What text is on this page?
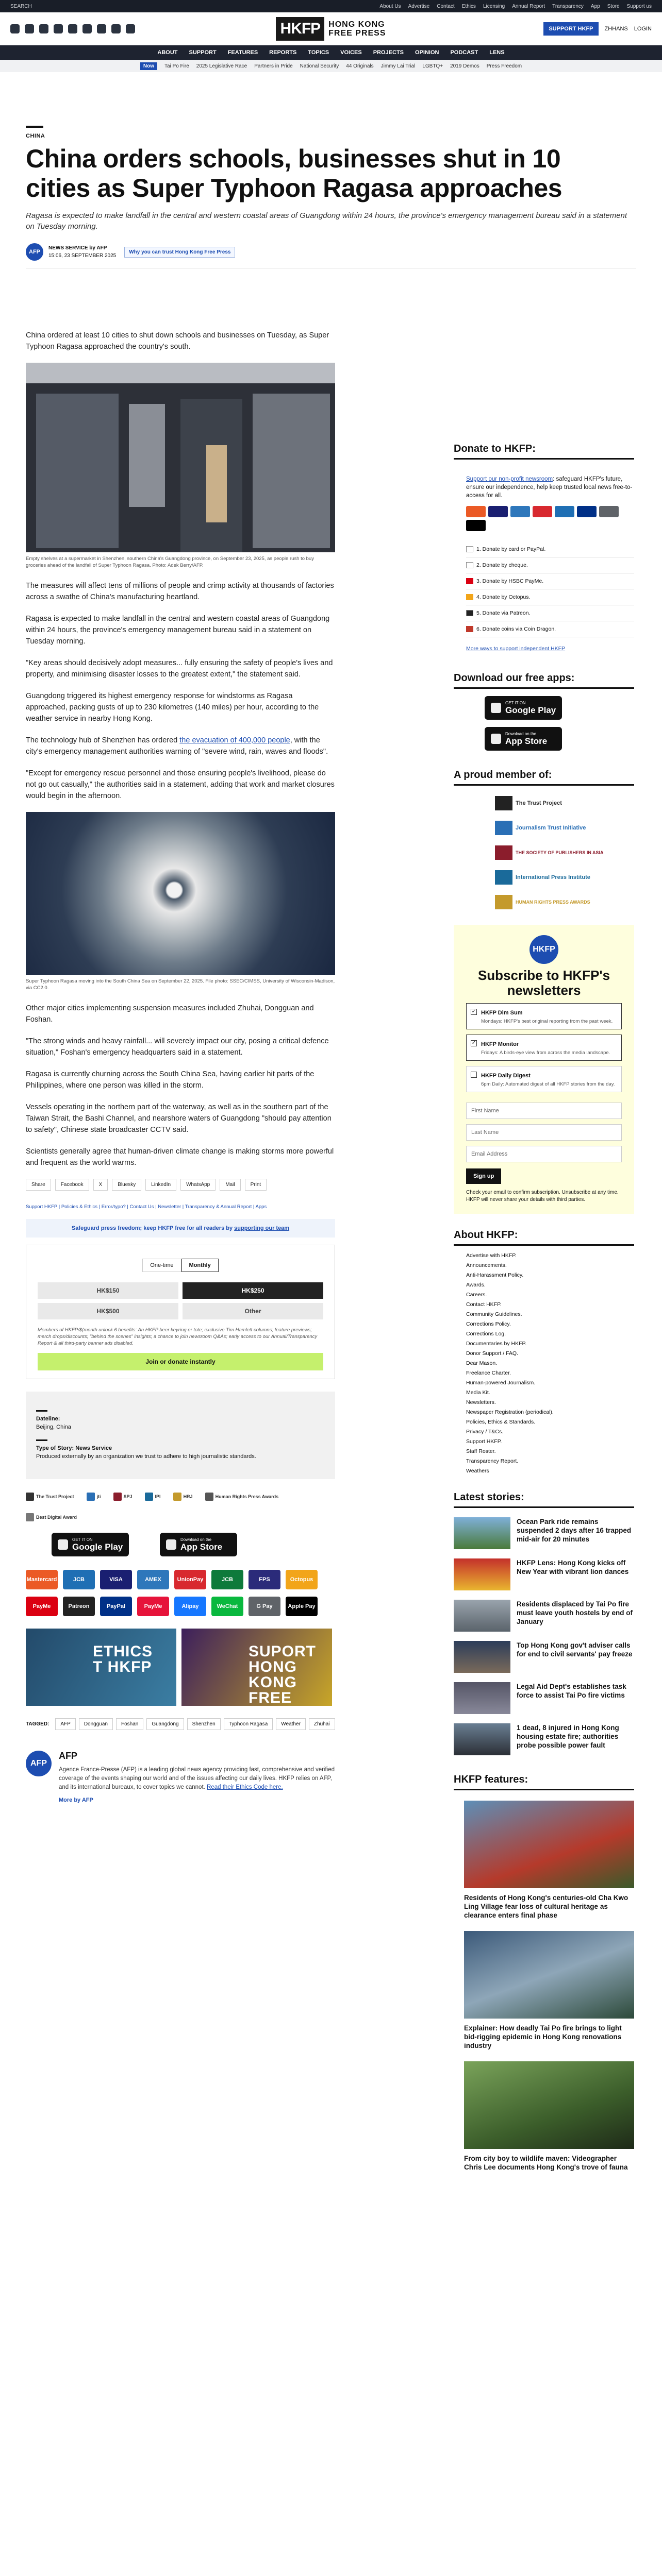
SEARCH	About Us Advertise Contact Ethics Licensing Annual Report Transparency App Store Support us
HKFP	HONG KONG
FREE PRESS	SUPPORT HKFP	ZHHANS LOGIN
ABOUT SUPPORT FEATURES REPORTS TOPICS VOICES PROJECTS OPINION PODCAST LENS
Now	Tai Po Fire 2025 Legislative Race Partners in Pride National Security 44 Originals Jimmy Lai Trial LGBTQ+ 2019 Demos Press Freedom
CHINA
China orders schools, businesses shut in 10 cities as Super Typhoon Ragasa approaches
Ragasa is expected to make landfall in the central and western coastal areas of Guangdong within 24 hours, the province's emergency management bureau said in a statement on Tuesday morning.
AFP
NEWS SERVICE by AFP
15:06, 23 SEPTEMBER 2025
Why you can trust Hong Kong Free Press

China ordered at least 10 cities to shut down schools and businesses on Tuesday, as Super Typhoon Ragasa approached the country's south.

Empty shelves at a supermarket in Shenzhen, southern China's Guangdong province, on September 23, 2025, as people rush to buy groceries ahead of the landfall of Super Typhoon Ragasa. Photo: Adek Berry/AFP.

The measures will affect tens of millions of people and crimp activity at thousands of factories across a swathe of China's manufacturing heartland.

Ragasa is expected to make landfall in the central and western coastal areas of Guangdong within 24 hours, the province's emergency management bureau said in a statement on Tuesday morning.

"Key areas should decisively adopt measures... fully ensuring the safety of people's lives and property, and minimising disaster losses to the greatest extent," the statement said.

Guangdong triggered its highest emergency response for windstorms as Ragasa approached, packing gusts of up to 230 kilometres (140 miles) per hour, according to the weather service in nearby Hong Kong.

The technology hub of Shenzhen has ordered the evacuation of 400,000 people, with the city's emergency management authorities warning of "severe wind, rain, waves and floods".

"Except for emergency rescue personnel and those ensuring people's livelihood, please do not go out casually," the authorities said in a statement, adding that work and market closures would begin in the afternoon.

Super Typhoon Ragasa moving into the South China Sea on September 22, 2025. File photo: SSEC/CIMSS, University of Wisconsin-Madison, via CC2.0.

Other major cities implementing suspension measures included Zhuhai, Dongguan and Foshan.

"The strong winds and heavy rainfall... will severely impact our city, posing a critical defence situation," Foshan's emergency headquarters said in a statement.

Ragasa is currently churning across the South China Sea, having earlier hit parts of the Philippines, where one person was killed in the storm.

Vessels operating in the northern part of the waterway, as well as in the southern part of the Taiwan Strait, the Bashi Channel, and nearshore waters of Guangdong "should pay attention to safety", Chinese state broadcaster CCTV said.

Scientists generally agree that human-driven climate change is making storms more powerful and frequent as the world warms.

Share	Facebook	X	Bluesky	LinkedIn	WhatsApp	Mail	Print
Support HKFP | Policies & Ethics | Error/typo? | Contact Us | Newsletter | Transparency & Annual Report | Apps
Safeguard press freedom; keep HKFP free for all readers by supporting our team
One-time	Monthly
HK$150	HK$250
HK$500	Other
Members of HKFP/$(month unlock 6 benefits: An HKFP beer keyring or tote; exclusive Tim Hamlett columns; feature previews; merch drops/discounts; "behind the scenes" insights; a chance to join newsroom Q&As; early access to our Annual/Transparency Report & all third-party banner ads disabled.
Join or donate instantly
Dateline:
Beijing, China
Type of Story: News Service
Produced externally by an organization we trust to adhere to high journalistic standards.
The Trust Project	jti	SPJ	IPI	HRJ	Human Rights Press Awards
Best Digital Award
GET IT ON
Google Play
Download on the
App Store
Mastercard	JCB	VISA	AMEX	UnionPay	JCB	FPS	Octopus
PayMe	Patreon	PayPal	PayMe	Alipay	WeChat	G Pay	Apple Pay
ETHICS
T HKFP
SUPORT HONG
KONG FREE
TAGGED:	AFP	Dongguan	Foshan	Guangdong	Shenzhen	Typhoon Ragasa	Weather	Zhuhai
AFP
AFP

Agence France-Presse (AFP) is a leading global news agency providing fast, comprehensive and verified coverage of the events shaping our world and of the issues affecting our daily lives. HKFP relies on AFP, and its international bureaux, to cover topics we cannot. Read their Ethics Code here.

More by AFP

Donate to HKFP:

Support our non-profit newsroom: safeguard HKFP's future, ensure our independence, help keep trusted local news free-to-access for all.

1. Donate by card or PayPal.
2. Donate by cheque.
3. Donate by HSBC PayMe.
4. Donate by Octopus.
5. Donate via Patreon.
6. Donate coins via Coin Dragon.
More ways to support independent HKFP
Download our free apps:
GET IT ON
Google Play
Download on the
App Store
A proud member of:
The Trust Project
Journalism Trust Initiative
THE SOCIETY OF PUBLISHERS IN ASIA
International Press Institute
HUMAN RIGHTS PRESS AWARDS
HKFP
Subscribe to HKFP's newsletters
✓ HKFP Dim Sum
Mondays: HKFP's best original reporting from the past week.
✓ HKFP Monitor
Fridays: A birds-eye view from across the media landscape.
HKFP Daily Digest
6pm Daily: Automated digest of all HKFP stories from the day.
First Name
Last Name
Email Address
Sign up
Check your email to confirm subscription. Unsubscribe at any time. HKFP will never share your details with third parties.
About HKFP:
Advertise with HKFP.
Announcements.
Anti-Harassment Policy.
Awards.
Careers.
Contact HKFP.
Community Guidelines.
Corrections Policy.
Corrections Log.
Documentaries by HKFP.
Donor Support / FAQ.
Dear Mason.
Freelance Charter.
Human-powered Journalism.
Media Kit.
Newsletters.
Newspaper Registration (periodical).
Policies, Ethics & Standards.
Privacy / T&Cs.
Support HKFP.
Staff Roster.
Transparency Report.
Weathers
Latest stories:
Ocean Park ride remains suspended 2 days after 16 trapped mid-air for 20 minutes
HKFP Lens: Hong Kong kicks off New Year with vibrant lion dances
Residents displaced by Tai Po fire must leave youth hostels by end of January
Top Hong Kong gov't adviser calls for end to civil servants' pay freeze
Legal Aid Dept's establishes task force to assist Tai Po fire victims
1 dead, 8 injured in Hong Kong housing estate fire; authorities probe possible power fault
HKFP features:
Residents of Hong Kong's centuries-old Cha Kwo Ling Village fear loss of cultural heritage as clearance enters final phase
Explainer: How deadly Tai Po fire brings to light bid-rigging epidemic in Hong Kong renovations industry
From city boy to wildlife maven: Videographer Chris Lee documents Hong Kong's trove of fauna
